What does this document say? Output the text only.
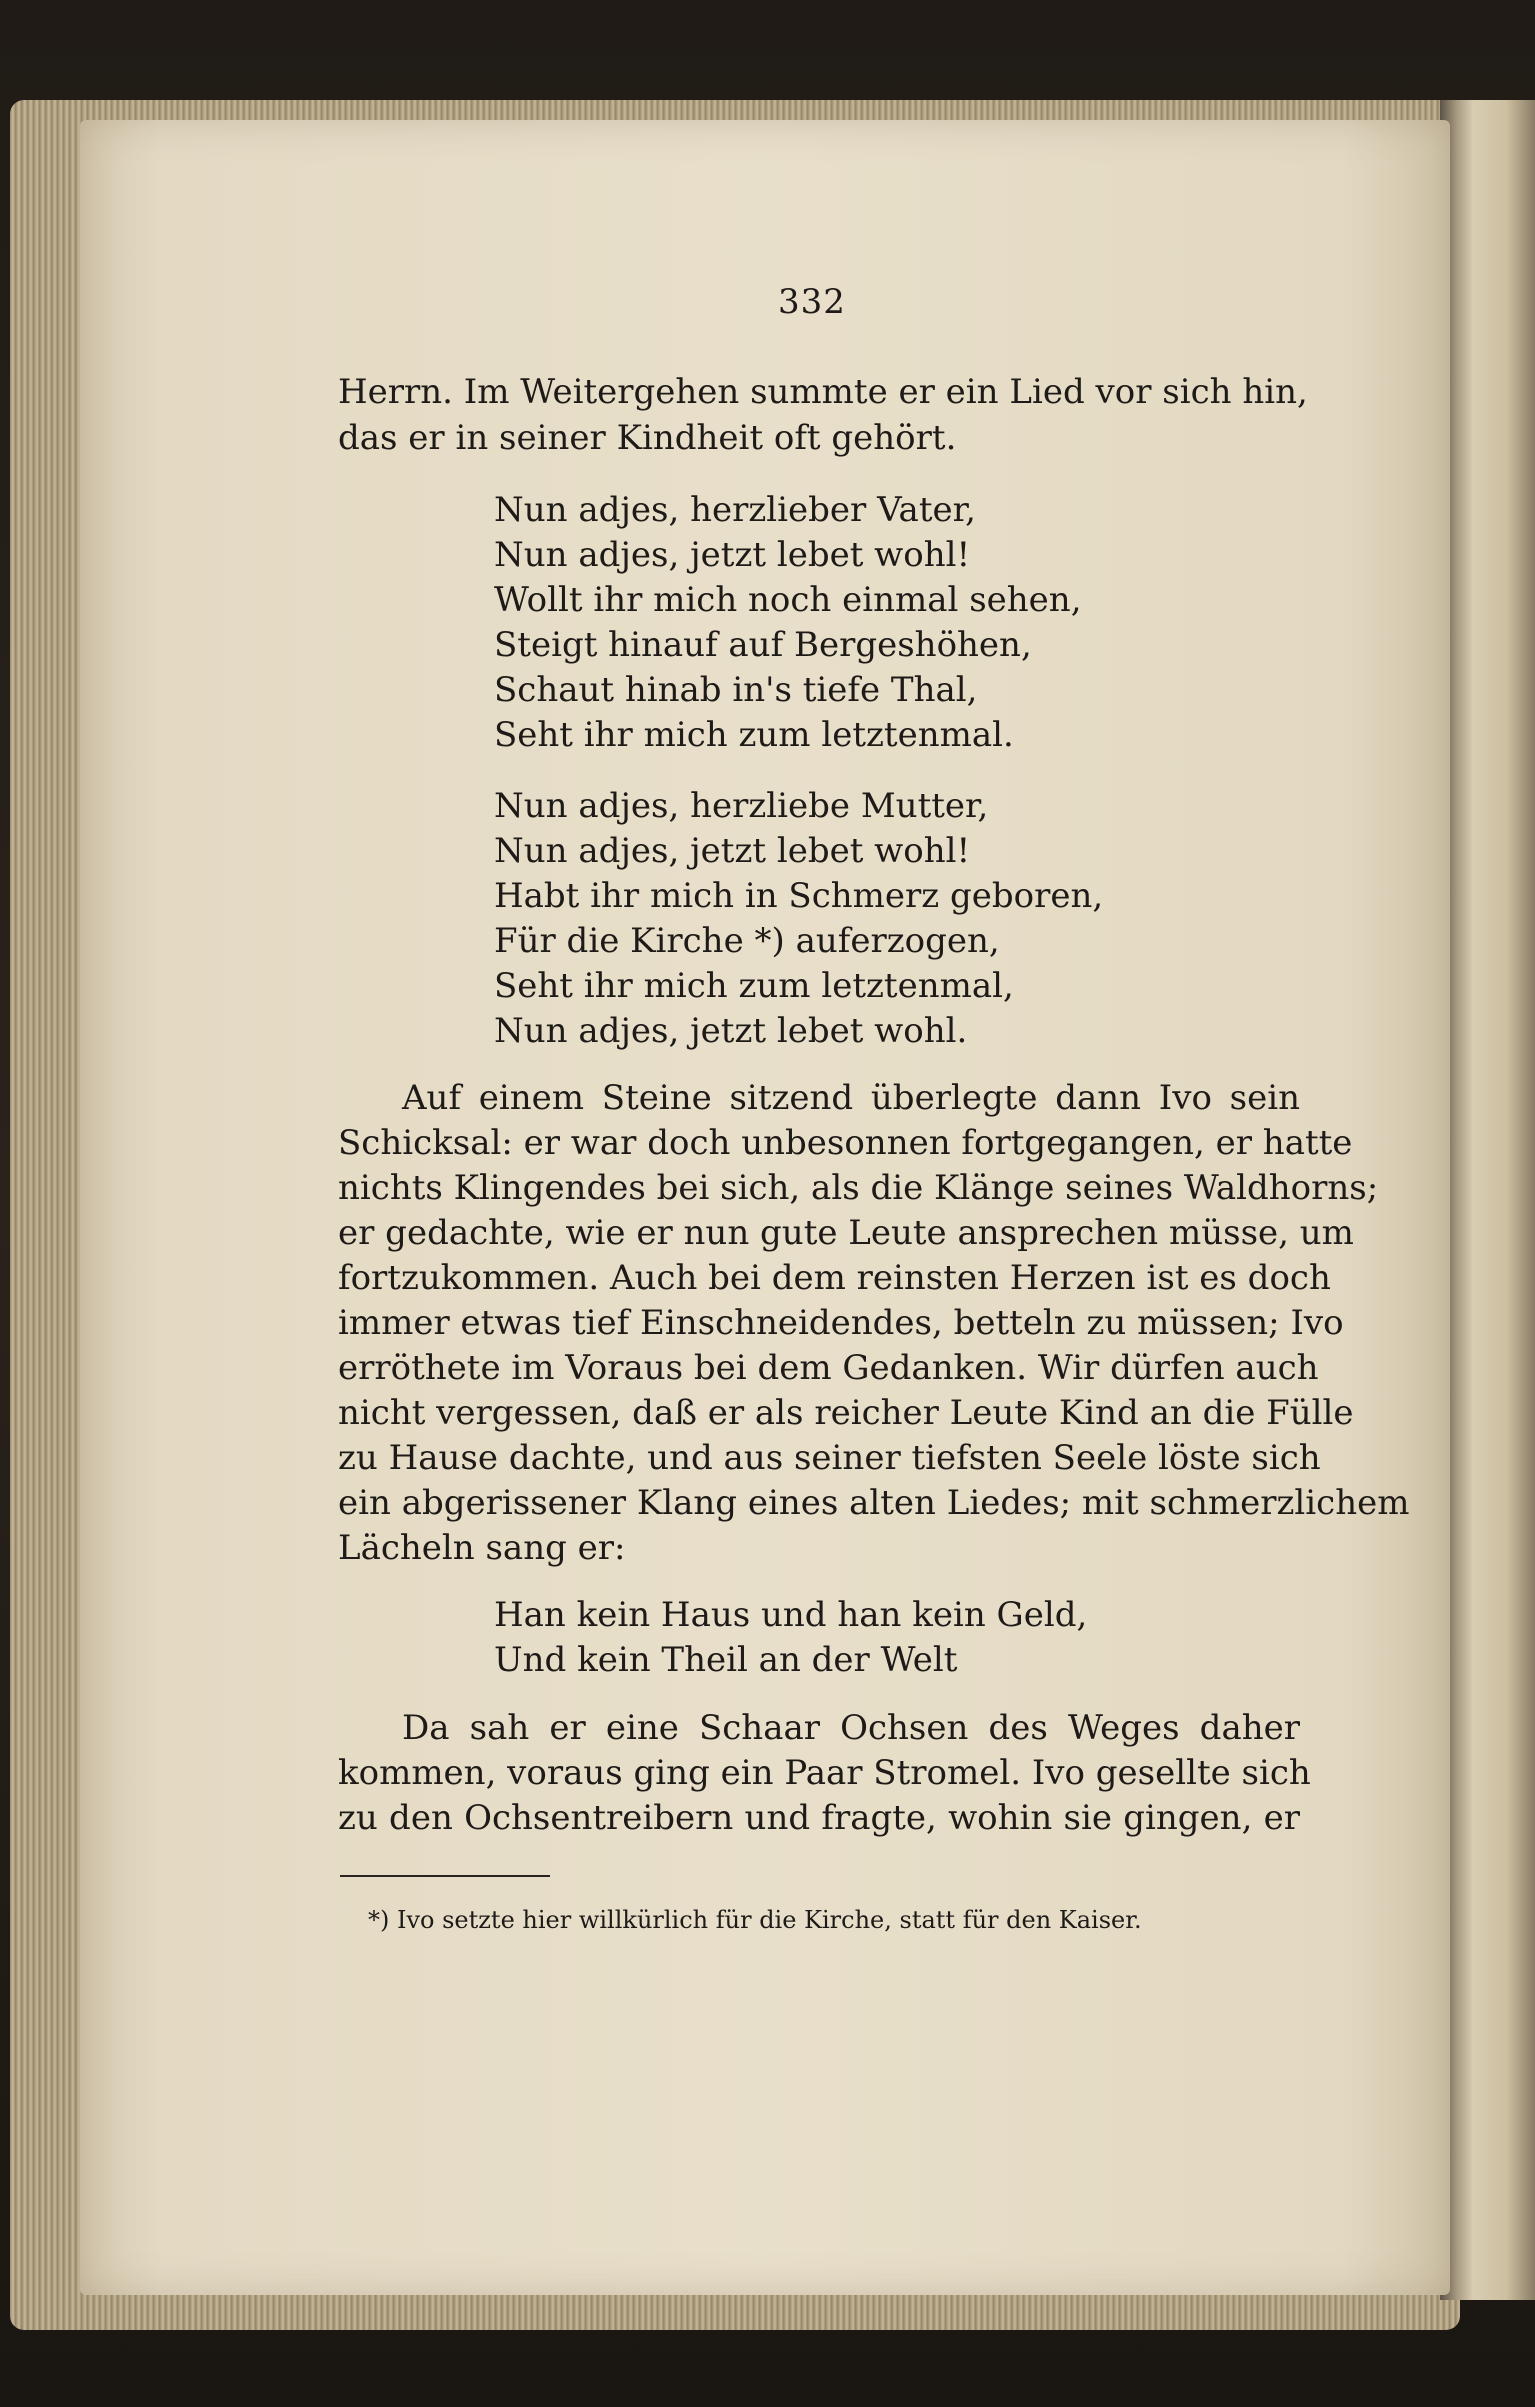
332
Herrn. Im Weitergehen summte er ein Lied vor sich hin,
das er in seiner Kindheit oft gehört.
Nun adjes, herzlieber Vater,
Nun adjes, jetzt lebet wohl!
Wollt ihr mich noch einmal sehen,
Steigt hinauf auf Bergeshöhen,
Schaut hinab in's tiefe Thal,
Seht ihr mich zum letztenmal.
Nun adjes, herzliebe Mutter,
Nun adjes, jetzt lebet wohl!
Habt ihr mich in Schmerz geboren,
Für die Kirche *) auferzogen,
Seht ihr mich zum letztenmal,
Nun adjes, jetzt lebet wohl.
Auf einem Steine sitzend überlegte dann Ivo sein
Schicksal: er war doch unbesonnen fortgegangen, er hatte
nichts Klingendes bei sich, als die Klänge seines Waldhorns;
er gedachte, wie er nun gute Leute ansprechen müsse, um
fortzukommen. Auch bei dem reinsten Herzen ist es doch
immer etwas tief Einschneidendes, betteln zu müssen; Ivo
erröthete im Voraus bei dem Gedanken. Wir dürfen auch
nicht vergessen, daß er als reicher Leute Kind an die Fülle
zu Hause dachte, und aus seiner tiefsten Seele löste sich
ein abgerissener Klang eines alten Liedes; mit schmerzlichem
Lächeln sang er:
Han kein Haus und han kein Geld,
Und kein Theil an der Welt
Da sah er eine Schaar Ochsen des Weges daher
kommen, voraus ging ein Paar Stromel. Ivo gesellte sich
zu den Ochsentreibern und fragte, wohin sie gingen, er
*) Ivo setzte hier willkürlich für die Kirche, statt für den Kaiser.
